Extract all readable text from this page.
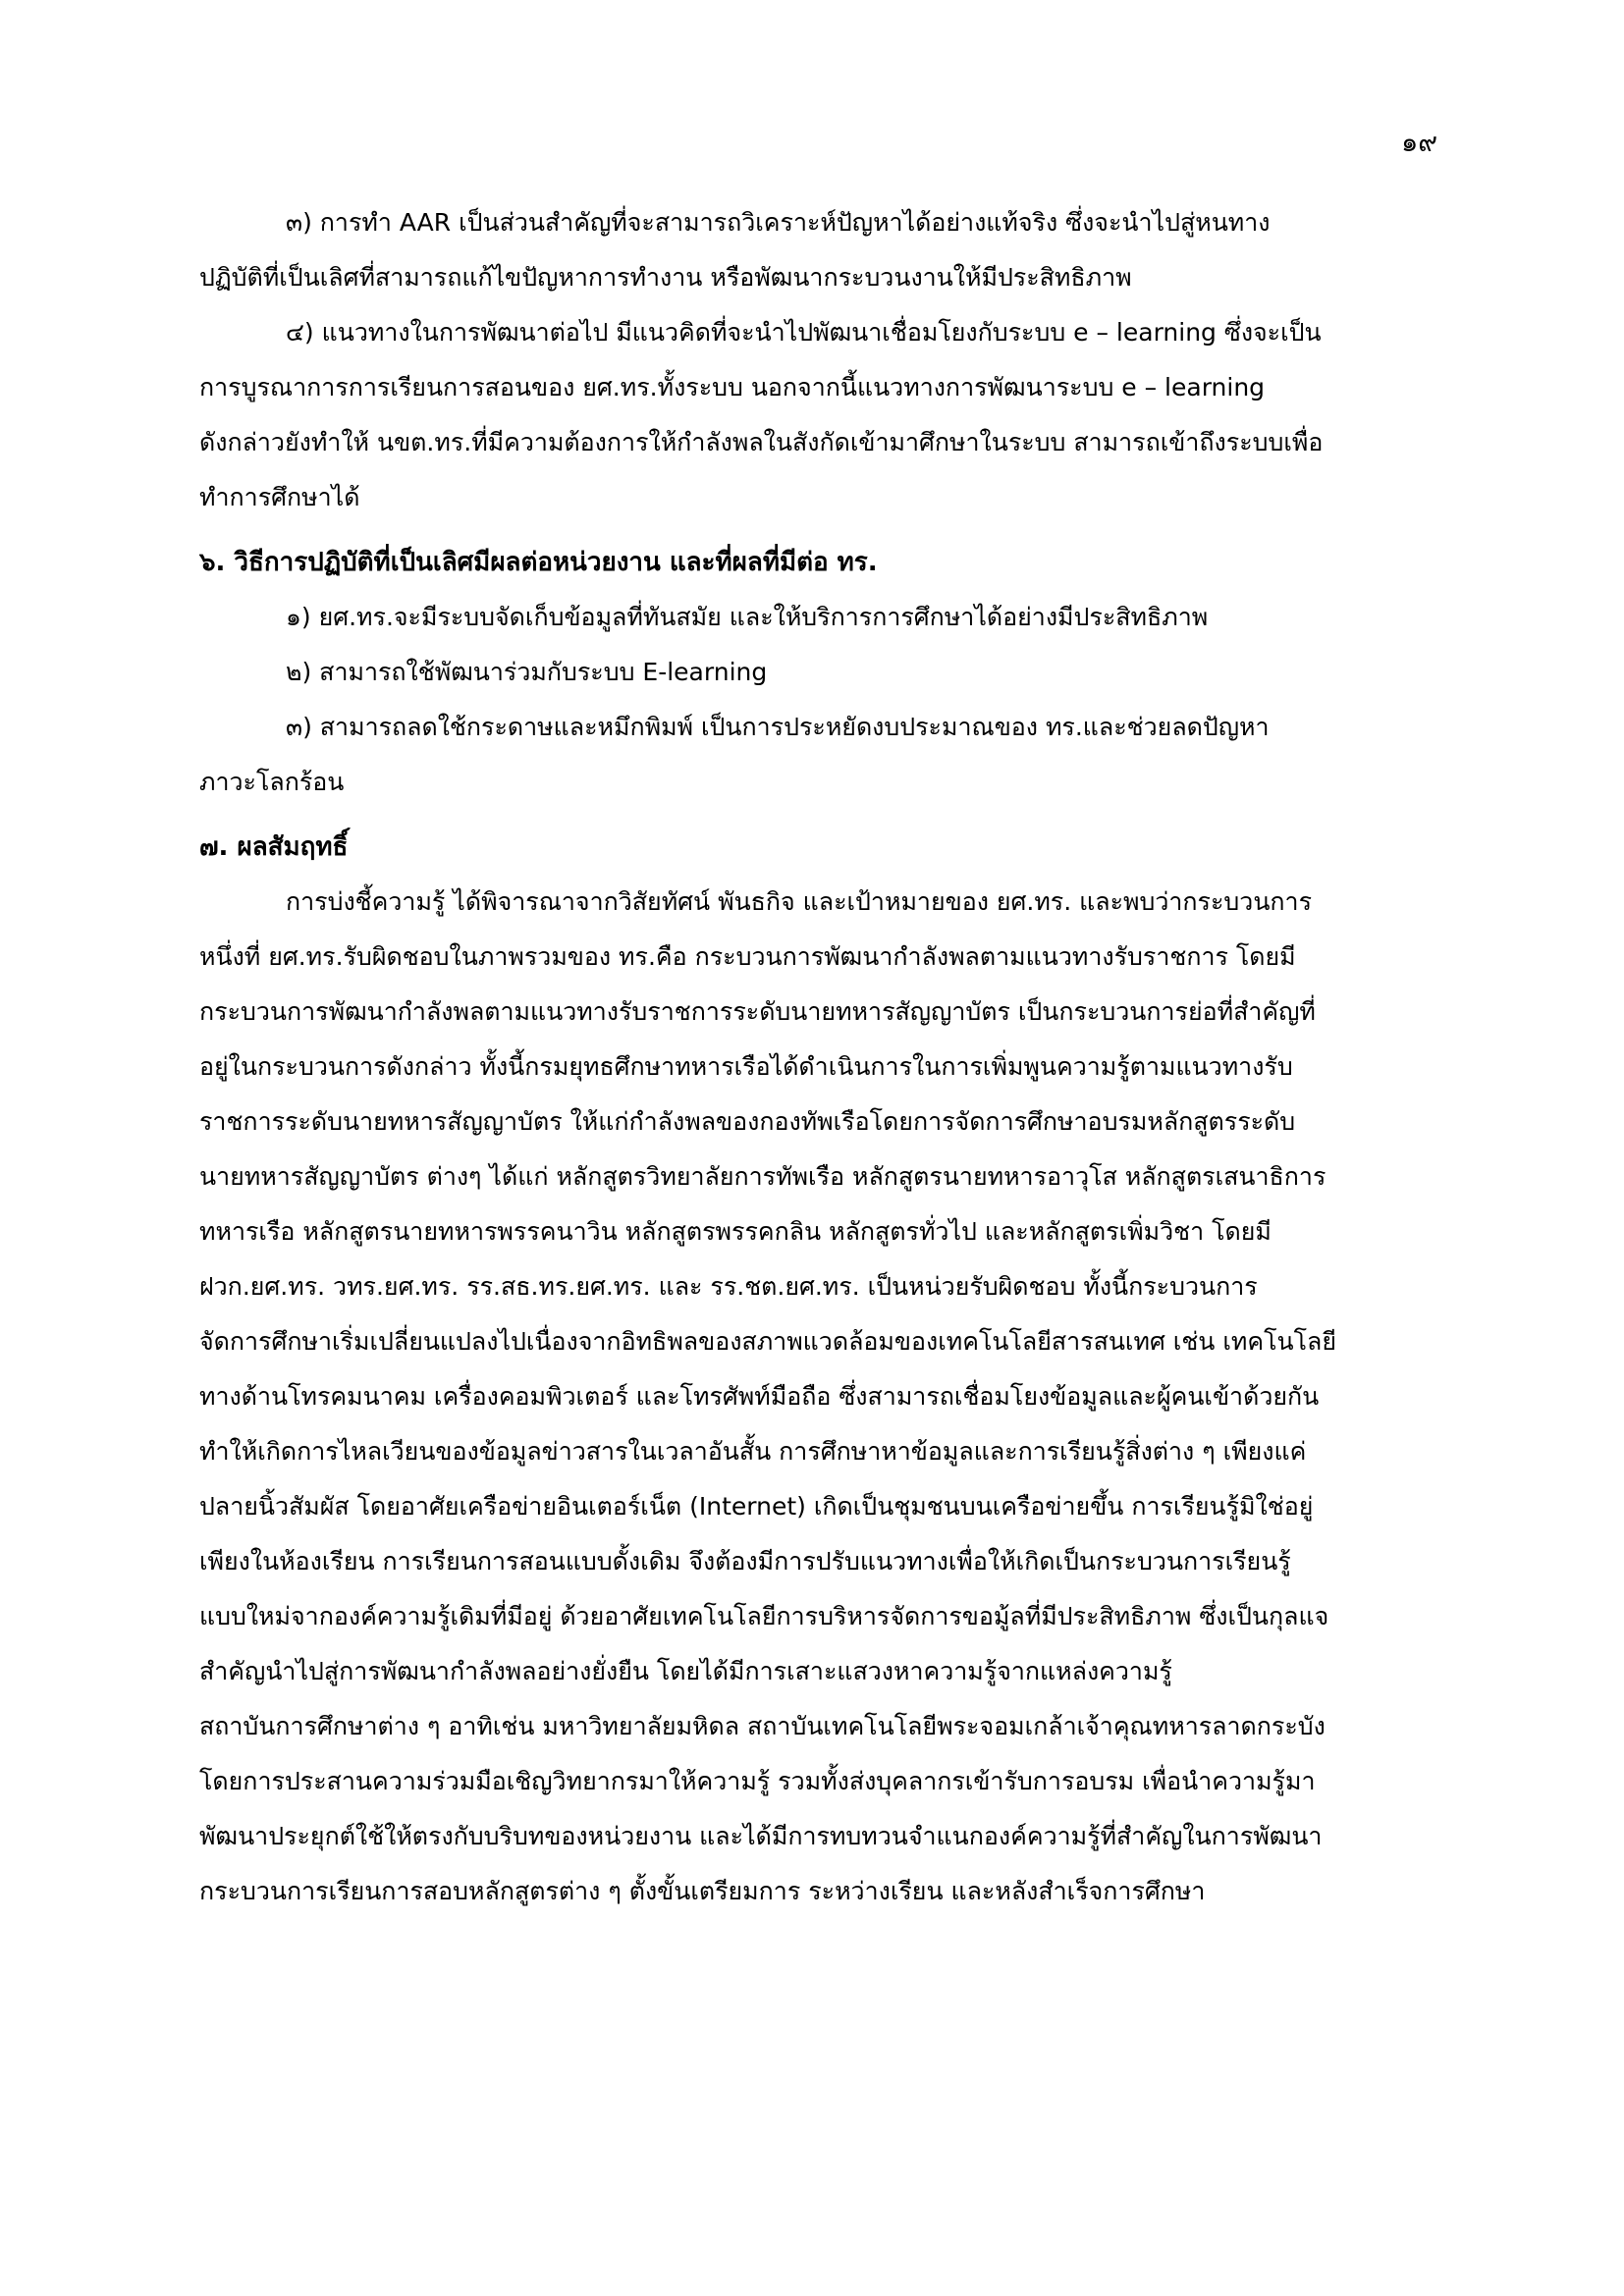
๑๙
๓) การทำ AAR เป็นส่วนสำคัญที่จะสามารถวิเคราะห์ปัญหาได้อย่างแท้จริง ซึ่งจะนำไปสู่หนทาง
ปฏิบัติที่เป็นเลิศที่สามารถแก้ไขปัญหาการทำงาน หรือพัฒนากระบวนงานให้มีประสิทธิภาพ
๔) แนวทางในการพัฒนาต่อไป มีแนวคิดที่จะนำไปพัฒนาเชื่อมโยงกับระบบ e – learning ซึ่งจะเป็น
การบูรณาการการเรียนการสอนของ ยศ.ทร.ทั้งระบบ นอกจากนี้แนวทางการพัฒนาระบบ e – learning
ดังกล่าวยังทำให้ นขต.ทร.ที่มีความต้องการให้กำลังพลในสังกัดเข้ามาศึกษาในระบบ สามารถเข้าถึงระบบเพื่อ
ทำการศึกษาได้
๖. วิธีการปฏิบัติที่เป็นเลิศมีผลต่อหน่วยงาน และที่ผลที่มีต่อ ทร.
๑) ยศ.ทร.จะมีระบบจัดเก็บข้อมูลที่ทันสมัย และให้บริการการศึกษาได้อย่างมีประสิทธิภาพ
๒) สามารถใช้พัฒนาร่วมกับระบบ E-learning
๓) สามารถลดใช้กระดาษและหมึกพิมพ์ เป็นการประหยัดงบประมาณของ ทร.และช่วยลดปัญหา
ภาวะโลกร้อน
๗. ผลสัมฤทธิ์
การบ่งชี้ความรู้ ได้พิจารณาจากวิสัยทัศน์ พันธกิจ และเป้าหมายของ ยศ.ทร. และพบว่ากระบวนการ
หนึ่งที่ ยศ.ทร.รับผิดชอบในภาพรวมของ ทร.คือ กระบวนการพัฒนากำลังพลตามแนวทางรับราชการ โดยมี
กระบวนการพัฒนากำลังพลตามแนวทางรับราชการระดับนายทหารสัญญาบัตร เป็นกระบวนการย่อที่สำคัญที่
อยู่ในกระบวนการดังกล่าว ทั้งนี้กรมยุทธศึกษาทหารเรือได้ดำเนินการในการเพิ่มพูนความรู้ตามแนวทางรับ
ราชการระดับนายทหารสัญญาบัตร ให้แก่กำลังพลของกองทัพเรือโดยการจัดการศึกษาอบรมหลักสูตรระดับ
นายทหารสัญญาบัตร ต่างๆ ได้แก่ หลักสูตรวิทยาลัยการทัพเรือ หลักสูตรนายทหารอาวุโส หลักสูตรเสนาธิการ
ทหารเรือ หลักสูตรนายทหารพรรคนาวิน หลักสูตรพรรคกลิน หลักสูตรทั่วไป และหลักสูตรเพิ่มวิชา โดยมี
ฝวก.ยศ.ทร. วทร.ยศ.ทร. รร.สธ.ทร.ยศ.ทร. และ รร.ชต.ยศ.ทร. เป็นหน่วยรับผิดชอบ ทั้งนี้กระบวนการ
จัดการศึกษาเริ่มเปลี่ยนแปลงไปเนื่องจากอิทธิพลของสภาพแวดล้อมของเทคโนโลยีสารสนเทศ เช่น เทคโนโลยี
ทางด้านโทรคมนาคม เครื่องคอมพิวเตอร์ และโทรศัพท์มือถือ ซึ่งสามารถเชื่อมโยงข้อมูลและผู้คนเข้าด้วยกัน
ทำให้เกิดการไหลเวียนของข้อมูลข่าวสารในเวลาอันสั้น การศึกษาหาข้อมูลและการเรียนรู้สิ่งต่าง ๆ เพียงแค่
ปลายนิ้วสัมผัส โดยอาศัยเครือข่ายอินเตอร์เน็ต (Internet) เกิดเป็นชุมชนบนเครือข่ายขึ้น การเรียนรู้มิใช่อยู่
เพียงในห้องเรียน การเรียนการสอนแบบดั้งเดิม จึงต้องมีการปรับแนวทางเพื่อให้เกิดเป็นกระบวนการเรียนรู้
แบบใหม่จากองค์ความรู้เดิมที่มีอยู่ ด้วยอาศัยเทคโนโลยีการบริหารจัดการขอมู้ลที่มีประสิทธิภาพ ซึ่งเป็นกุลแจ
สำคัญนำไปสู่การพัฒนากำลังพลอย่างยั่งยืน โดยได้มีการเสาะแสวงหาความรู้จากแหล่งความรู้
สถาบันการศึกษาต่าง ๆ อาทิเช่น มหาวิทยาลัยมหิดล สถาบันเทคโนโลยีพระจอมเกล้าเจ้าคุณทหารลาดกระบัง
โดยการประสานความร่วมมือเชิญวิทยากรมาให้ความรู้ รวมทั้งส่งบุคลากรเข้ารับการอบรม เพื่อนำความรู้มา
พัฒนาประยุกต์ใช้ให้ตรงกับบริบทของหน่วยงาน และได้มีการทบทวนจำแนกองค์ความรู้ที่สำคัญในการพัฒนา
กระบวนการเรียนการสอบหลักสูตรต่าง ๆ ตั้งขั้นเตรียมการ ระหว่างเรียน และหลังสำเร็จการศึกษา
